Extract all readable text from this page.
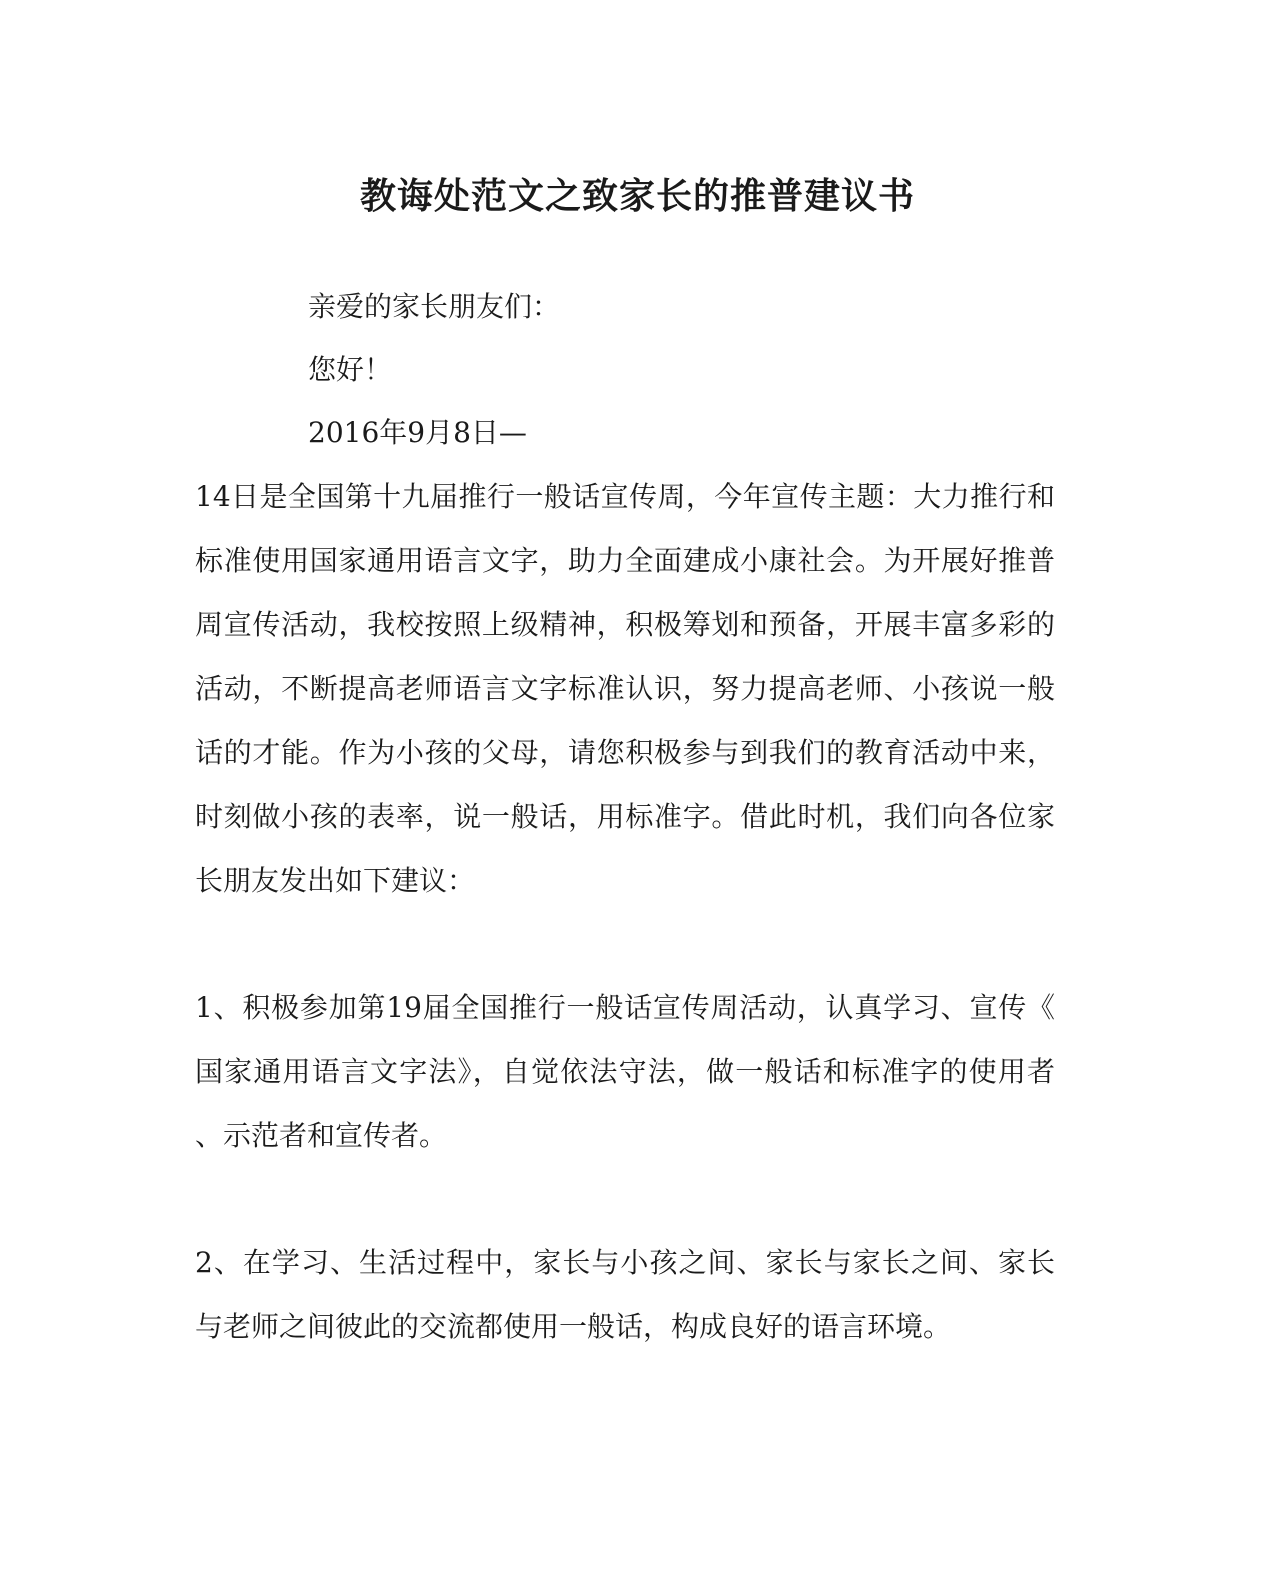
教诲处范文之致家长的推普建议书
亲爱的家长朋友们：
您好！
2016年9月8日—
14日是全国第十九届推行一般话宣传周，今年宣传主题：大力推行和
标准使用国家通用语言文字，助力全面建成小康社会。为开展好推普
周宣传活动，我校按照上级精神，积极筹划和预备，开展丰富多彩的
活动，不断提高老师语言文字标准认识，努力提高老师、小孩说一般
话的才能。作为小孩的父母，请您积极参与到我们的教育活动中来，
时刻做小孩的表率，说一般话，用标准字。借此时机，我们向各位家
长朋友发出如下建议：
1、积极参加第19届全国推行一般话宣传周活动，认真学习、宣传《
国家通用语言文字法》，自觉依法守法，做一般话和标准字的使用者
、示范者和宣传者。
2、在学习、生活过程中，家长与小孩之间、家长与家长之间、家长
与老师之间彼此的交流都使用一般话，构成良好的语言环境。
